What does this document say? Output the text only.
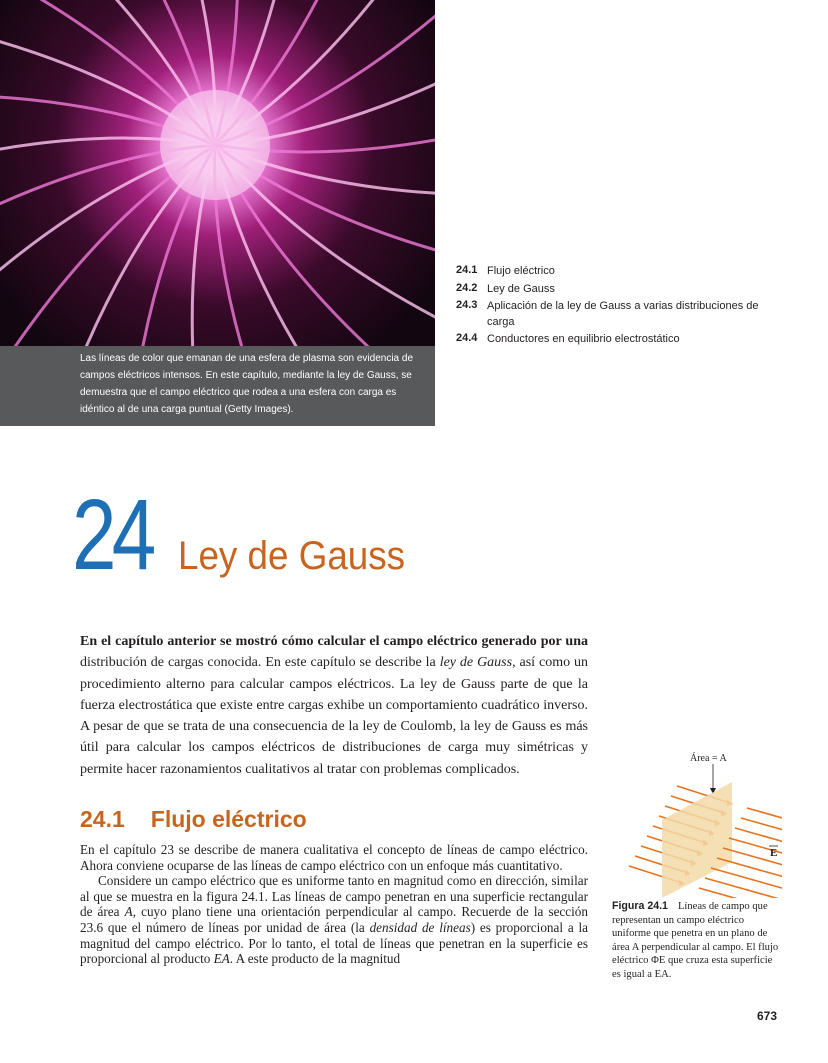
Las líneas de color que emanan de una esfera de plasma son evidencia de campos eléctricos intensos. En este capítulo, mediante la ley de Gauss, se demuestra que el campo eléctrico que rodea a una esfera con carga es idéntico al de una carga puntual (Getty Images).
24.1 Flujo eléctrico
24.2 Ley de Gauss
24.3 Aplicación de la ley de Gauss a varias distribuciones de carga
24.4 Conductores en equilibrio electrostático
24 Ley de Gauss
En el capítulo anterior se mostró cómo calcular el campo eléctrico generado por una distribución de cargas conocida. En este capítulo se describe la ley de Gauss, así como un procedimiento alterno para calcular campos eléctricos. La ley de Gauss parte de que la fuerza electrostática que existe entre cargas exhibe un comportamiento cuadrático inverso. A pesar de que se trata de una consecuencia de la ley de Coulomb, la ley de Gauss es más útil para calcular los campos eléctricos de distribuciones de carga muy simétricas y permite hacer razonamientos cualitativos al tratar con problemas complicados.
24.1 Flujo eléctrico

En el capítulo 23 se describe de manera cualitativa el concepto de líneas de campo eléctrico. Ahora conviene ocuparse de las líneas de campo eléctrico con un enfoque más cuantitativo.

Considere un campo eléctrico que es uniforme tanto en magnitud como en dirección, similar al que se muestra en la figura 24.1. Las líneas de campo penetran en una superficie rectangular de área A, cuyo plano tiene una orientación perpendicular al campo. Recuerde de la sección 23.6 que el número de líneas por unidad de área (la densidad de líneas) es proporcional a la magnitud del campo eléctrico. Por lo tanto, el total de líneas que penetran en la superficie es proporcional al producto EA. A este producto de la magnitud

Área = A
E
Figura 24.1 Líneas de campo que representan un campo eléctrico uniforme que penetra en un plano de área A perpendicular al campo. El flujo eléctrico ΦE que cruza esta superficie es igual a EA.
673
